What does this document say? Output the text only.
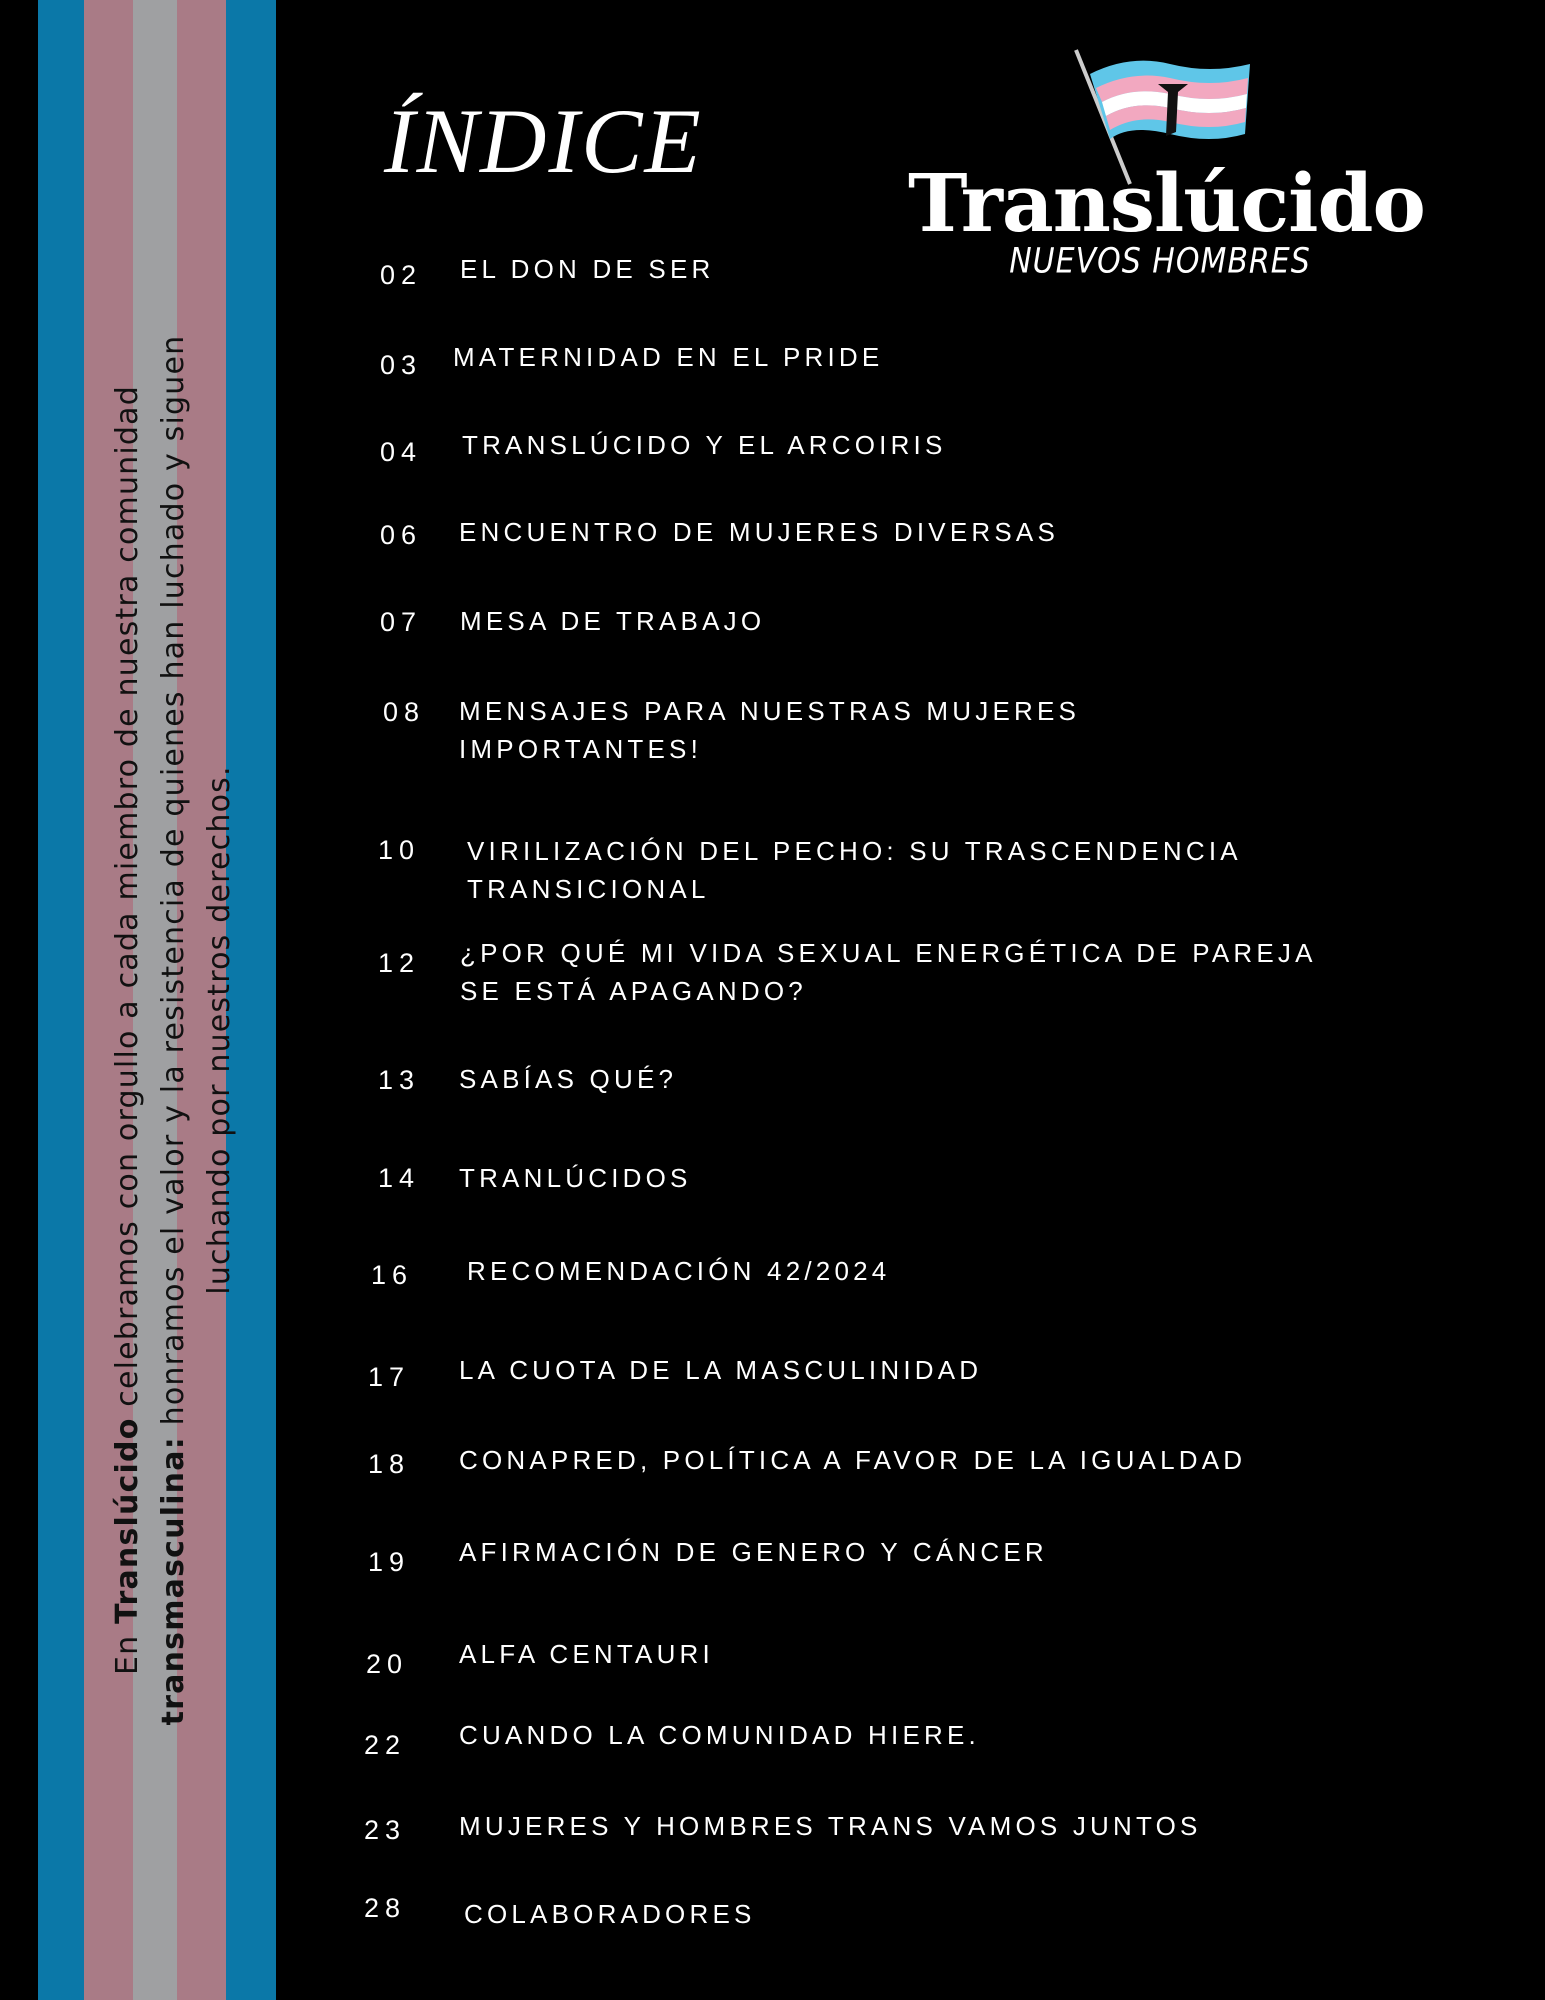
En Translúcido celebramos con orgullo a cada miembro de nuestra comunidad
transmasculina: honramos el valor y la resistencia de quienes han luchado y siguen luchando por nuestros derechos.
ÍNDICE
Translúcido
NUEVOS HOMBRES
02 EL DON DE SER
03 MATERNIDAD EN EL PRIDE
04 TRANSLÚCIDO Y EL ARCOIRIS
06 ENCUENTRO DE MUJERES DIVERSAS
07 MESA DE TRABAJO
08 MENSAJES PARA NUESTRAS MUJERES
IMPORTANTES!
10 VIRILIZACIÓN DEL PECHO: SU TRASCENDENCIA
TRANSICIONAL
12 ¿POR QUÉ MI VIDA SEXUAL ENERGÉTICA DE PAREJA
SE ESTÁ APAGANDO?
13 SABÍAS QUÉ?
14 TRANLÚCIDOS
16 RECOMENDACIÓN 42/2024
17 LA CUOTA DE LA MASCULINIDAD
18 CONAPRED, POLÍTICA A FAVOR DE LA IGUALDAD
19 AFIRMACIÓN DE GENERO Y CÁNCER
20 ALFA CENTAURI
22 CUANDO LA COMUNIDAD HIERE.
23 MUJERES Y HOMBRES TRANS VAMOS JUNTOS
28 COLABORADORES
